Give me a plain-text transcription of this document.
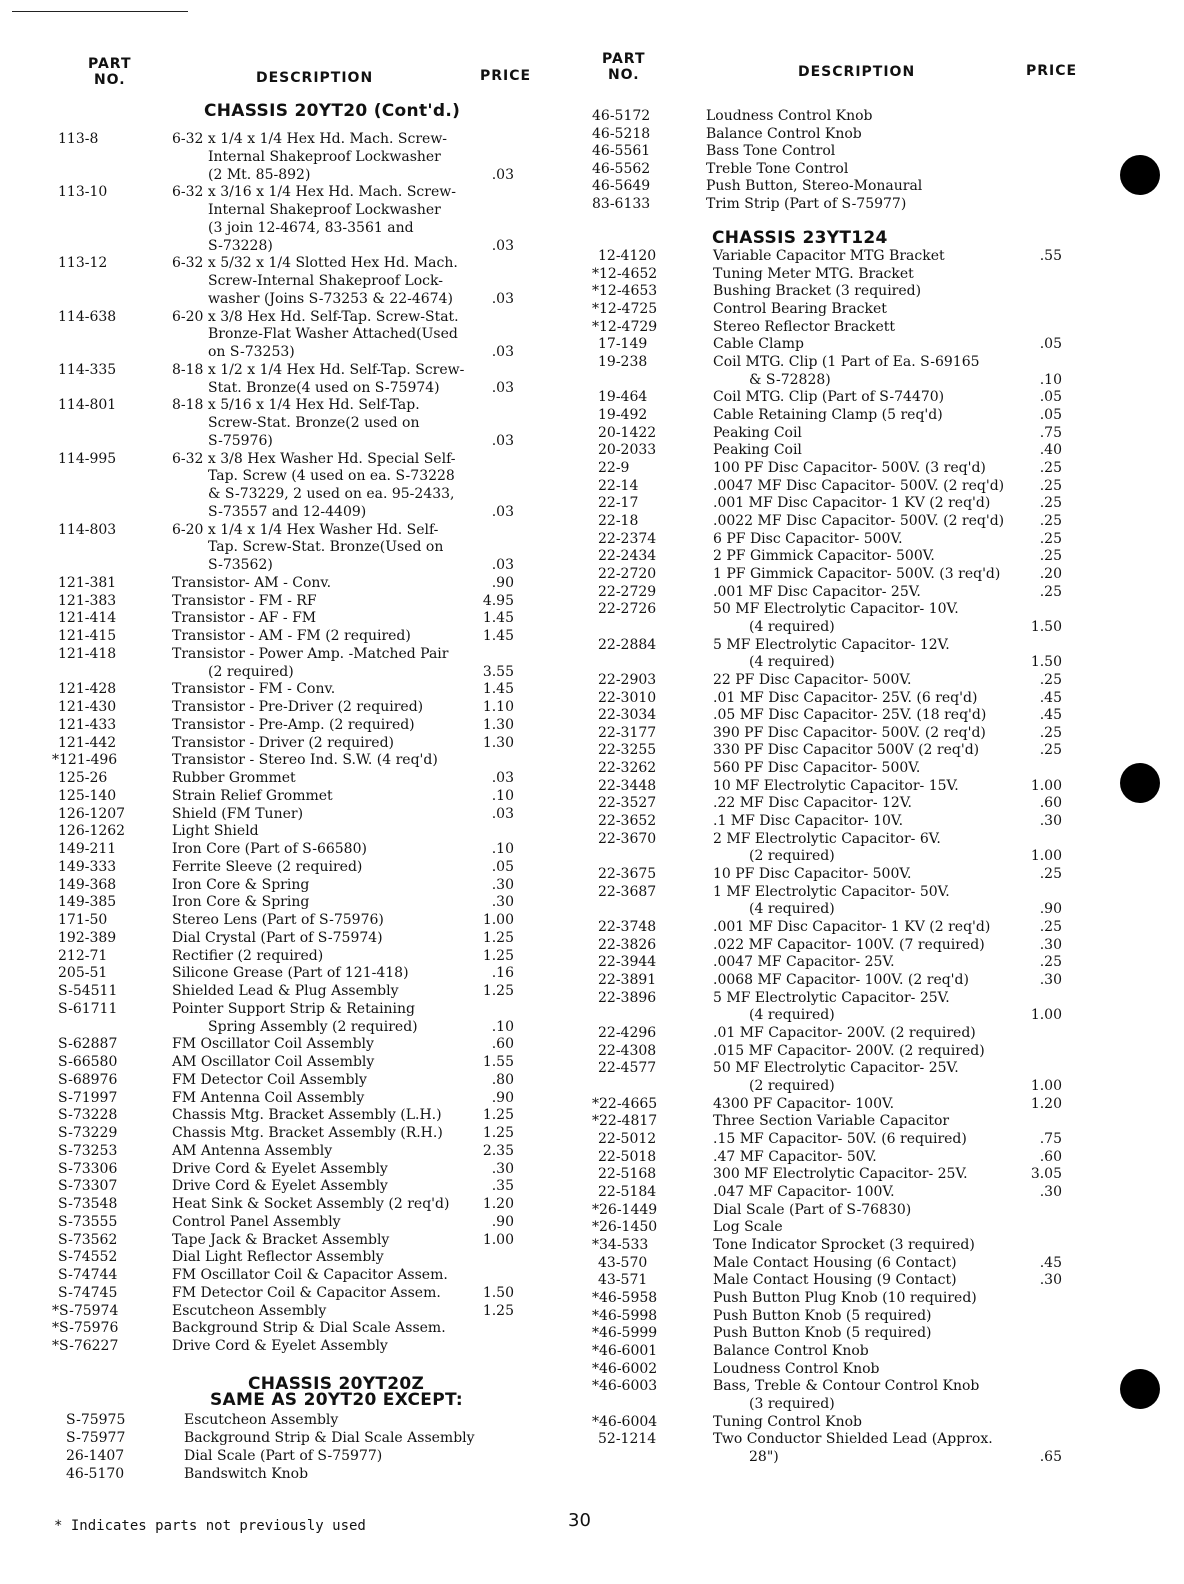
PART
NO.	DESCRIPTION	PRICE
PART
NO.	DESCRIPTION	PRICE
CHASSIS 20YT20 (Cont'd.)
CHASSIS 23YT124
CHASSIS 20YT20Z
SAME AS 20YT20 EXCEPT:
113-8	6-32 x 1/4 x 1/4 Hex Hd. Mach. Screw-
Internal Shakeproof Lockwasher
(2 Mt. 85-892)	.03
113-10	6-32 x 3/16 x 1/4 Hex Hd. Mach. Screw-
Internal Shakeproof Lockwasher
(3 join 12-4674, 83-3561 and
S-73228)	.03
113-12	6-32 x 5/32 x 1/4 Slotted Hex Hd. Mach.
Screw-Internal Shakeproof Lock-
washer (Joins S-73253 & 22-4674)	.03
114-638	6-20 x 3/8 Hex Hd. Self-Tap. Screw-Stat.
Bronze-Flat Washer Attached(Used
on S-73253)	.03
114-335	8-18 x 1/2 x 1/4 Hex Hd. Self-Tap. Screw-
Stat. Bronze(4 used on S-75974)	.03
114-801	8-18 x 5/16 x 1/4 Hex Hd. Self-Tap.
Screw-Stat. Bronze(2 used on
S-75976)	.03
114-995	6-32 x 3/8 Hex Washer Hd. Special Self-
Tap. Screw (4 used on ea. S-73228
& S-73229, 2 used on ea. 95-2433,
S-73557 and 12-4409)	.03
114-803	6-20 x 1/4 x 1/4 Hex Washer Hd. Self-
Tap. Screw-Stat. Bronze(Used on
S-73562)	.03
121-381	Transistor- AM - Conv.	.90
121-383	Transistor - FM - RF	4.95
121-414	Transistor - AF - FM	1.45
121-415	Transistor - AM - FM (2 required)	1.45
121-418	Transistor - Power Amp. -Matched Pair
(2 required)	3.55
121-428	Transistor - FM - Conv.	1.45
121-430	Transistor - Pre-Driver (2 required)	1.10
121-433	Transistor - Pre-Amp. (2 required)	1.30
121-442	Transistor - Driver (2 required)	1.30
*121-496	Transistor - Stereo Ind. S.W. (4 req'd)
125-26	Rubber Grommet	.03
125-140	Strain Relief Grommet	.10
126-1207	Shield (FM Tuner)	.03
126-1262	Light Shield
149-211	Iron Core (Part of S-66580)	.10
149-333	Ferrite Sleeve (2 required)	.05
149-368	Iron Core & Spring	.30
149-385	Iron Core & Spring	.30
171-50	Stereo Lens (Part of S-75976)	1.00
192-389	Dial Crystal (Part of S-75974)	1.25
212-71	Rectifier (2 required)	1.25
205-51	Silicone Grease (Part of 121-418)	.16
S-54511	Shielded Lead & Plug Assembly	1.25
S-61711	Pointer Support Strip & Retaining
Spring Assembly (2 required)	.10
S-62887	FM Oscillator Coil Assembly	.60
S-66580	AM Oscillator Coil Assembly	1.55
S-68976	FM Detector Coil Assembly	.80
S-71997	FM Antenna Coil Assembly	.90
S-73228	Chassis Mtg. Bracket Assembly (L.H.)	1.25
S-73229	Chassis Mtg. Bracket Assembly (R.H.)	1.25
S-73253	AM Antenna Assembly	2.35
S-73306	Drive Cord & Eyelet Assembly	.30
S-73307	Drive Cord & Eyelet Assembly	.35
S-73548	Heat Sink & Socket Assembly (2 req'd)	1.20
S-73555	Control Panel Assembly	.90
S-73562	Tape Jack & Bracket Assembly	1.00
S-74552	Dial Light Reflector Assembly
S-74744	FM Oscillator Coil & Capacitor Assem.
S-74745	FM Detector Coil & Capacitor Assem.	1.50
*S-75974	Escutcheon Assembly	1.25
*S-75976	Background Strip & Dial Scale Assem.
*S-76227	Drive Cord & Eyelet Assembly
S-75975	Escutcheon Assembly
S-75977	Background Strip & Dial Scale Assembly
26-1407	Dial Scale (Part of S-75977)
46-5170	Bandswitch Knob
46-5172	Loudness Control Knob
46-5218	Balance Control Knob
46-5561	Bass Tone Control
46-5562	Treble Tone Control
46-5649	Push Button, Stereo-Monaural
83-6133	Trim Strip (Part of S-75977)
12-4120	Variable Capacitor MTG Bracket	.55
*12-4652	Tuning Meter MTG. Bracket
*12-4653	Bushing Bracket (3 required)
*12-4725	Control Bearing Bracket
*12-4729	Stereo Reflector Brackett
17-149	Cable Clamp	.05
19-238	Coil MTG. Clip (1 Part of Ea. S-69165
& S-72828)	.10
19-464	Coil MTG. Clip (Part of S-74470)	.05
19-492	Cable Retaining Clamp (5 req'd)	.05
20-1422	Peaking Coil	.75
20-2033	Peaking Coil	.40
22-9	100 PF Disc Capacitor- 500V. (3 req'd)	.25
22-14	.0047 MF Disc Capacitor- 500V. (2 req'd)	.25
22-17	.001 MF Disc Capacitor- 1 KV (2 req'd)	.25
22-18	.0022 MF Disc Capacitor- 500V. (2 req'd)	.25
22-2374	6 PF Disc Capacitor- 500V.	.25
22-2434	2 PF Gimmick Capacitor- 500V.	.25
22-2720	1 PF Gimmick Capacitor- 500V. (3 req'd)	.20
22-2729	.001 MF Disc Capacitor- 25V.	.25
22-2726	50 MF Electrolytic Capacitor- 10V.
(4 required)	1.50
22-2884	5 MF Electrolytic Capacitor- 12V.
(4 required)	1.50
22-2903	22 PF Disc Capacitor- 500V.	.25
22-3010	.01 MF Disc Capacitor- 25V. (6 req'd)	.45
22-3034	.05 MF Disc Capacitor- 25V. (18 req'd)	.45
22-3177	390 PF Disc Capacitor- 500V. (2 req'd)	.25
22-3255	330 PF Disc Capacitor 500V (2 req'd)	.25
22-3262	560 PF Disc Capacitor- 500V.
22-3448	10 MF Electrolytic Capacitor- 15V.	1.00
22-3527	.22 MF Disc Capacitor- 12V.	.60
22-3652	.1 MF Disc Capacitor- 10V.	.30
22-3670	2 MF Electrolytic Capacitor- 6V.
(2 required)	1.00
22-3675	10 PF Disc Capacitor- 500V.	.25
22-3687	1 MF Electrolytic Capacitor- 50V.
(4 required)	.90
22-3748	.001 MF Disc Capacitor- 1 KV (2 req'd)	.25
22-3826	.022 MF Capacitor- 100V. (7 required)	.30
22-3944	.0047 MF Capacitor- 25V.	.25
22-3891	.0068 MF Capacitor- 100V. (2 req'd)	.30
22-3896	5 MF Electrolytic Capacitor- 25V.
(4 required)	1.00
22-4296	.01 MF Capacitor- 200V. (2 required)
22-4308	.015 MF Capacitor- 200V. (2 required)
22-4577	50 MF Electrolytic Capacitor- 25V.
(2 required)	1.00
*22-4665	4300 PF Capacitor- 100V.	1.20
*22-4817	Three Section Variable Capacitor
22-5012	.15 MF Capacitor- 50V. (6 required)	.75
22-5018	.47 MF Capacitor- 50V.	.60
22-5168	300 MF Electrolytic Capacitor- 25V.	3.05
22-5184	.047 MF Capacitor- 100V.	.30
*26-1449	Dial Scale (Part of S-76830)
*26-1450	Log Scale
*34-533	Tone Indicator Sprocket (3 required)
43-570	Male Contact Housing (6 Contact)	.45
43-571	Male Contact Housing (9 Contact)	.30
*46-5958	Push Button Plug Knob (10 required)
*46-5998	Push Button Knob (5 required)
*46-5999	Push Button Knob (5 required)
*46-6001	Balance Control Knob
*46-6002	Loudness Control Knob
*46-6003	Bass, Treble & Contour Control Knob
(3 required)
*46-6004	Tuning Control Knob
52-1214	Two Conductor Shielded Lead (Approx.
28")	.65
30
* Indicates parts not previously used
